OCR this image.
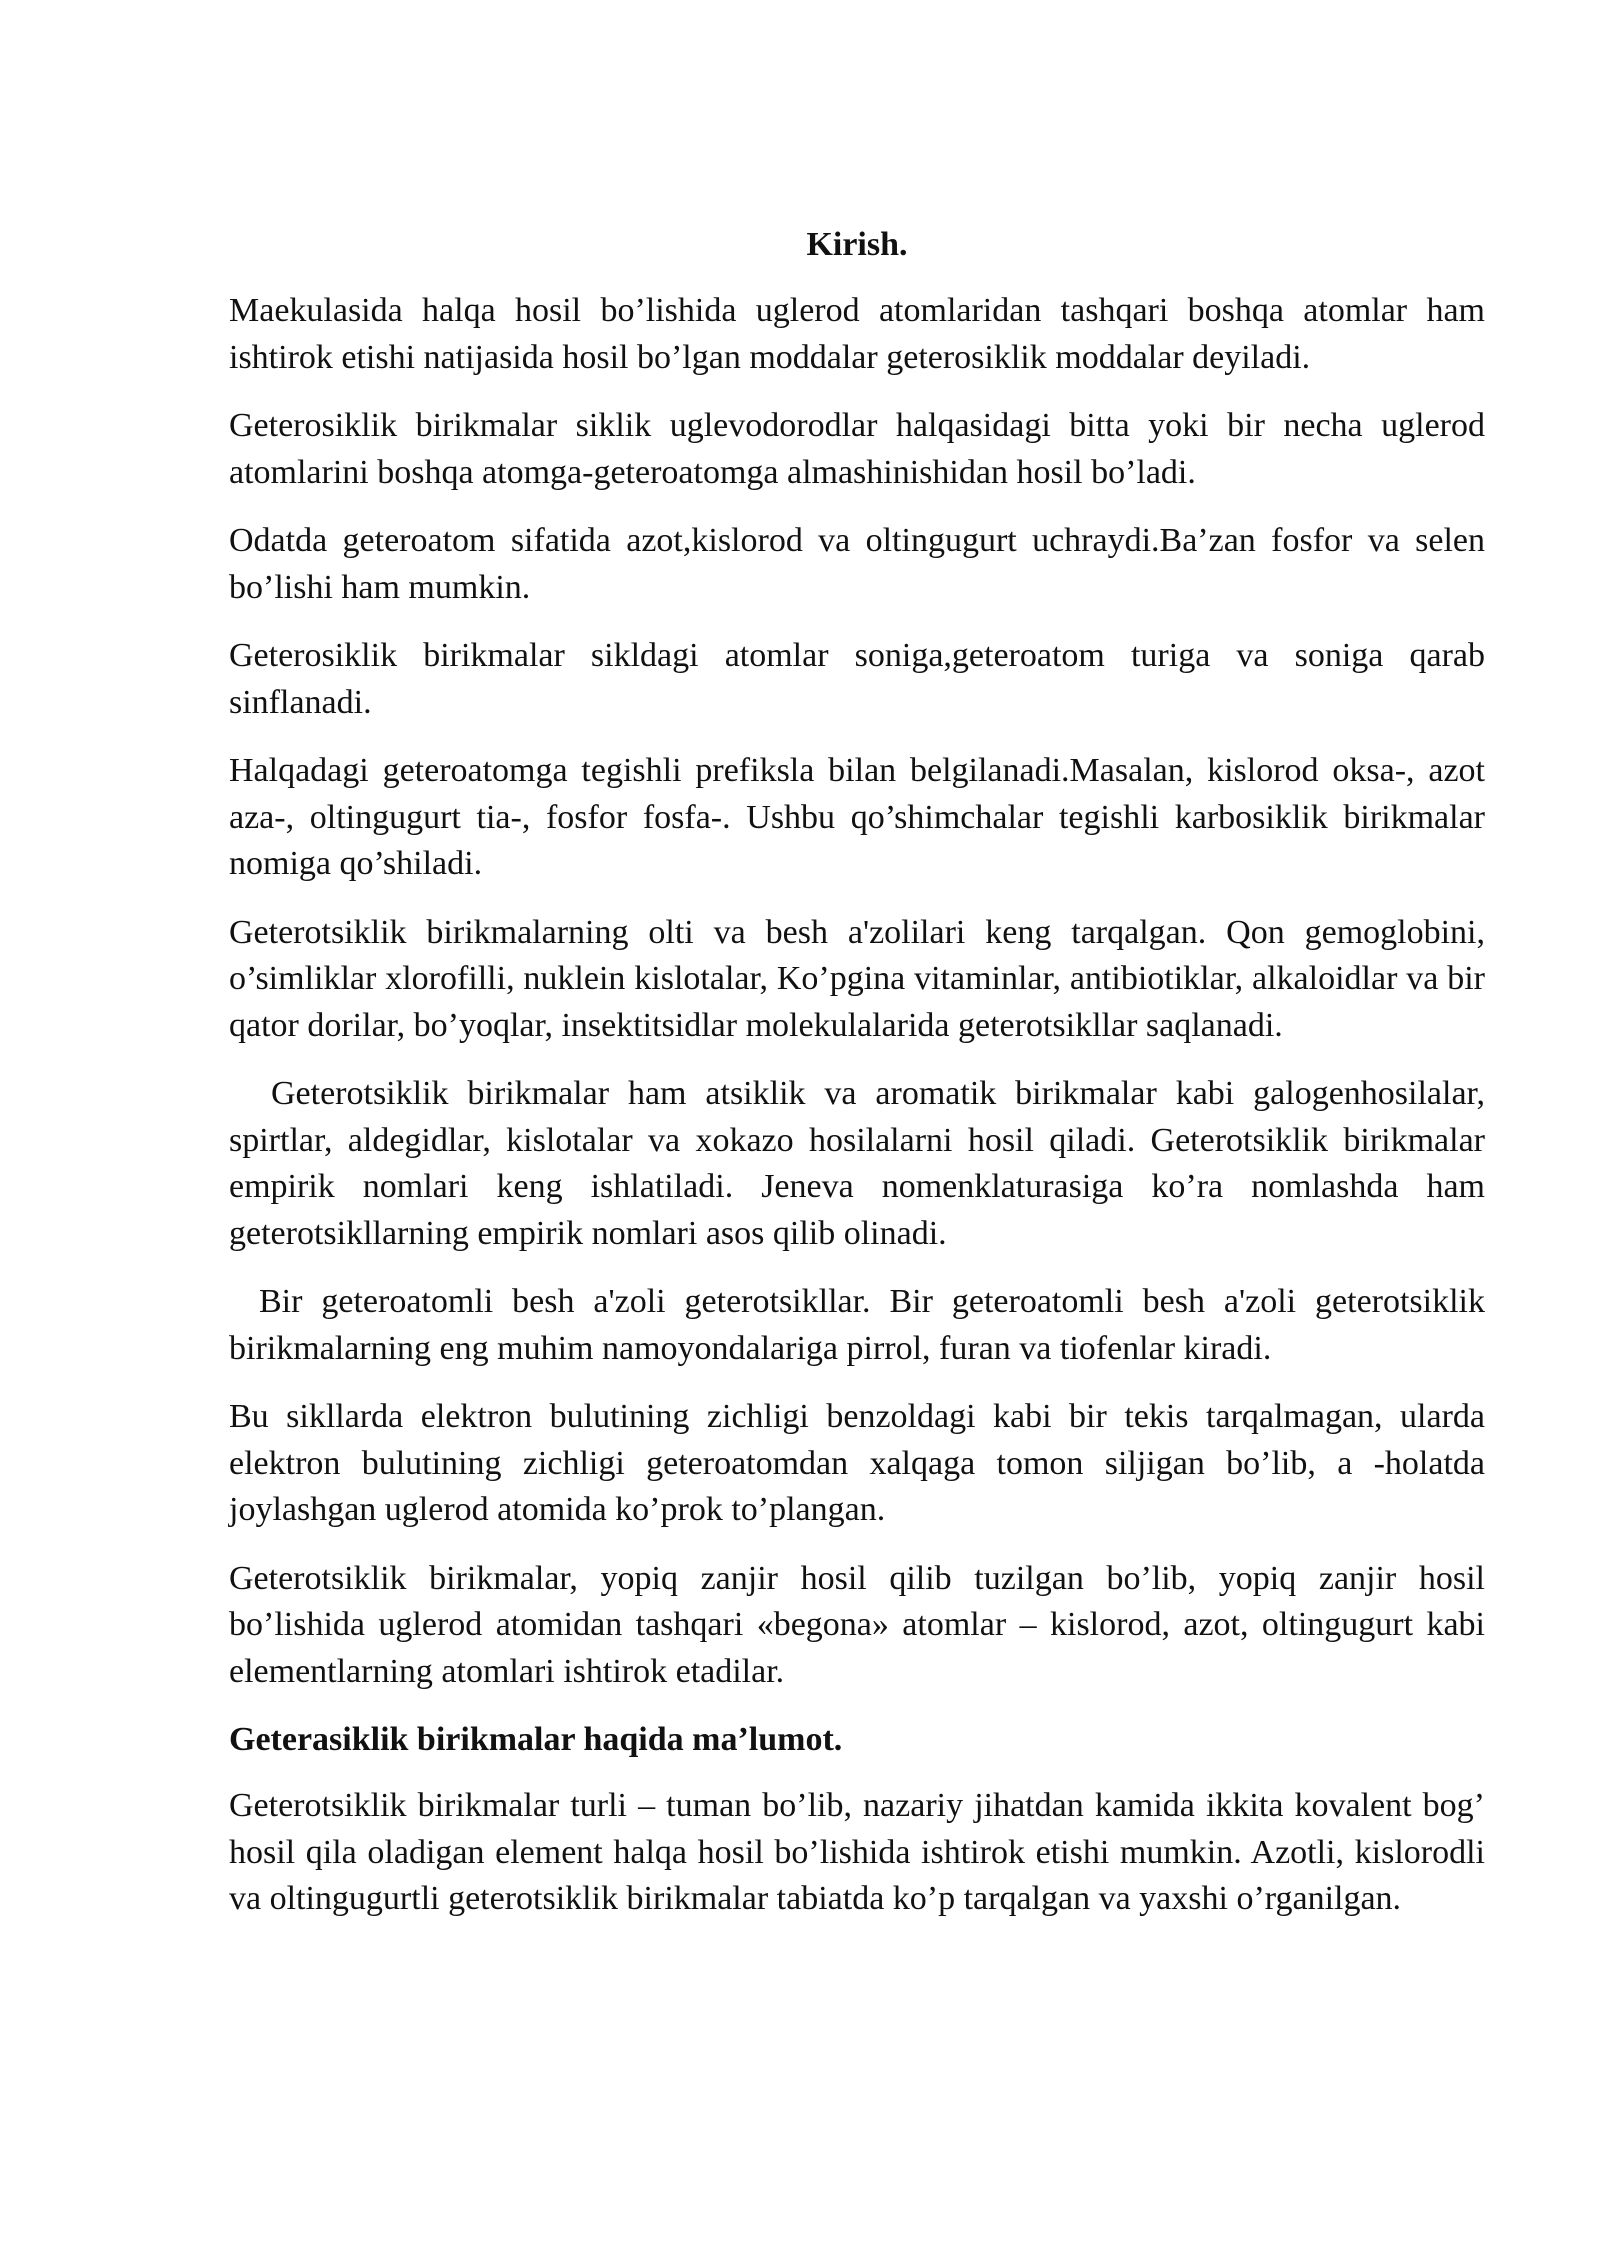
Kirish.

Maekulasida halqa hosil bo’lishida uglerod atomlaridan tashqari boshqa atomlar ham ishtirok etishi natijasida hosil bo’lgan moddalar geterosiklik moddalar deyiladi.

Geterosiklik birikmalar siklik uglevodorodlar halqasidagi bitta yoki bir necha uglerod atomlarini boshqa atomga-geteroatomga almashinishidan hosil bo’ladi.

Odatda geteroatom sifatida azot,kislorod va oltingugurt uchraydi.Ba’zan fosfor va selen bo’lishi ham mumkin.

Geterosiklik birikmalar sikldagi atomlar soniga,geteroatom turiga va soniga qarab sinflanadi.

Halqadagi geteroatomga tegishli prefiksla bilan belgilanadi.Masalan, kislorod oksa-, azot aza-, oltingugurt tia-, fosfor fosfa-. Ushbu qo’shimchalar tegishli karbosiklik birikmalar nomiga qo’shiladi.

Geterotsiklik birikmalarning olti va besh a'zolilari keng tarqalgan. Qon gemoglobini, o’simliklar xlorofilli, nuklein kislotalar, Ko’pgina vitaminlar, antibiotiklar, alkaloidlar va bir qator dorilar, bo’yoqlar, insektitsidlar molekulalarida geterotsikllar saqlanadi.

Geterotsiklik birikmalar ham atsiklik va aromatik birikmalar kabi galogenhosilalar, spirtlar, aldegidlar, kislotalar va xokazo hosilalarni hosil qiladi. Geterotsiklik birikmalar empirik nomlari keng ishlatiladi. Jeneva nomenklaturasiga ko’ra nomlashda ham geterotsikllarning empirik nomlari asos qilib olinadi.

Bir geteroatomli besh a'zoli geterotsikllar. Bir geteroatomli besh a'zoli geterotsiklik birikmalarning eng muhim namoyondalariga pirrol, furan va tiofenlar kiradi.

Bu sikllarda elektron bulutining zichligi benzoldagi kabi bir tekis tarqalmagan, ularda elektron bulutining zichligi geteroatomdan xalqaga tomon siljigan bo’lib, a -holatda joylashgan uglerod atomida ko’prok to’plangan.

Geterotsiklik birikmalar, yopiq zanjir hosil qilib tuzilgan bo’lib, yopiq zanjir hosil bo’lishida uglerod atomidan tashqari «begona» atomlar – kislorod, azot, oltingugurt kabi elementlarning atomlari ishtirok etadilar.

Geterasiklik birikmalar haqida ma’lumot.

Geterotsiklik birikmalar turli – tuman bo’lib, nazariy jihatdan kamida ikkita kovalent bog’ hosil qila oladigan element halqa hosil bo’lishida ishtirok etishi mumkin. Azotli, kislorodli va oltingugurtli geterotsiklik birikmalar tabiatda ko’p tarqalgan va yaxshi o’rganilgan.
